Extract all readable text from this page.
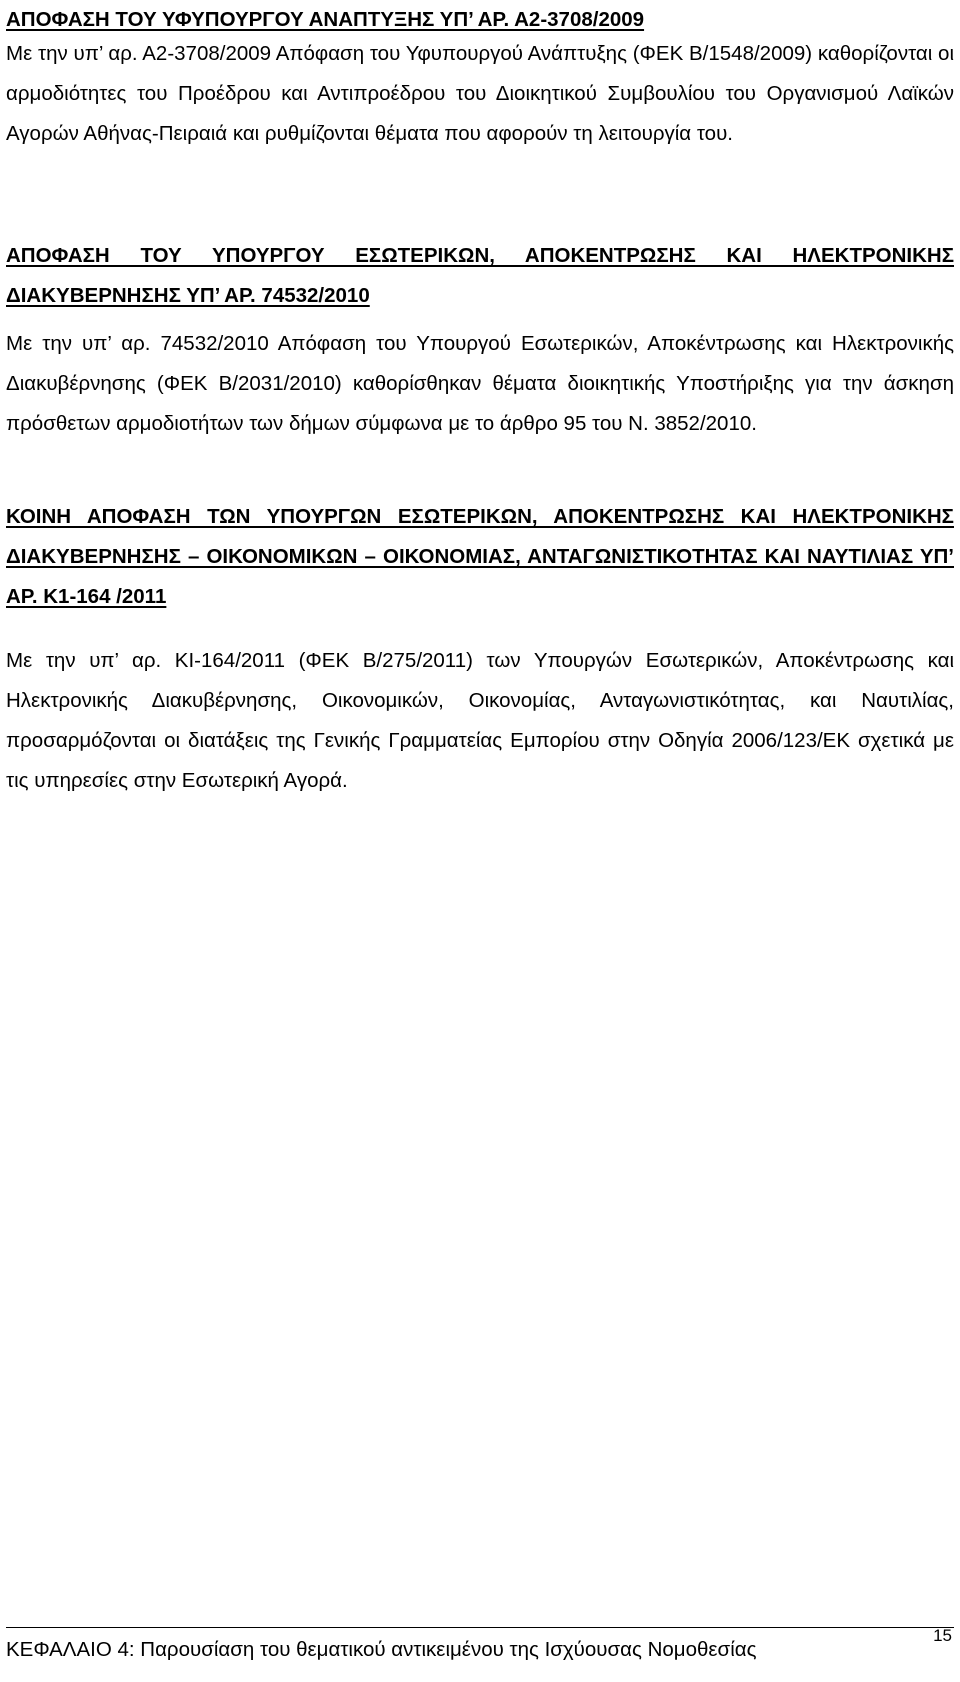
ΑΠΟΦΑΣΗ ΤΟΥ ΥΦΥΠΟΥΡΓΟΥ ΑΝΑΠΤΥΞΗΣ ΥΠ’ ΑΡ. Α2-3708/2009

Με την υπ’ αρ. Α2-3708/2009 Απόφαση του Υφυπουργού Ανάπτυξης (ΦΕΚ Β/1548/2009) καθορίζονται οι αρμοδιότητες του Προέδρου και Αντιπροέδρου του Διοικητικού Συμβουλίου του Οργανισμού Λαϊκών Αγορών Αθήνας-Πειραιά και ρυθμίζονται θέματα που αφορούν τη λειτουργία του.

ΑΠΟΦΑΣΗ ΤΟΥ ΥΠΟΥΡΓΟΥ ΕΣΩΤΕΡΙΚΩΝ, ΑΠΟΚΕΝΤΡΩΣΗΣ ΚΑΙ ΗΛΕΚΤΡΟΝΙΚΗΣ ΔΙΑΚΥΒΕΡΝΗΣΗΣ ΥΠ’ ΑΡ. 74532/2010

Με την υπ’ αρ. 74532/2010 Απόφαση του Υπουργού Εσωτερικών, Αποκέντρωσης και Ηλεκτρονικής Διακυβέρνησης (ΦΕΚ Β/2031/2010) καθορίσθηκαν θέματα διοικητικής Υποστήριξης για την άσκηση πρόσθετων αρμοδιοτήτων των δήμων σύμφωνα με το άρθρο 95 του Ν. 3852/2010.

ΚΟΙΝΗ ΑΠΟΦΑΣΗ ΤΩΝ ΥΠΟΥΡΓΩΝ ΕΣΩΤΕΡΙΚΩΝ, ΑΠΟΚΕΝΤΡΩΣΗΣ ΚΑΙ ΗΛΕΚΤΡΟΝΙΚΗΣ ΔΙΑΚΥΒΕΡΝΗΣΗΣ – ΟΙΚΟΝΟΜΙΚΩΝ – ΟΙΚΟΝΟΜΙΑΣ, ΑΝΤΑΓΩΝΙΣΤΙΚΟΤΗΤΑΣ ΚΑΙ ΝΑΥΤΙΛΙΑΣ ΥΠ’ ΑΡ. Κ1-164 /2011

Με την υπ’ αρ. ΚΙ-164/2011 (ΦΕΚ Β/275/2011) των Υπουργών Εσωτερικών, Αποκέντρωσης και Ηλεκτρονικής Διακυβέρνησης, Οικονομικών, Οικονομίας, Ανταγωνιστικότητας, και Ναυτιλίας, προσαρμόζονται οι διατάξεις της Γενικής Γραμματείας Εμπορίου στην Οδηγία 2006/123/ΕΚ σχετικά με τις υπηρεσίες στην Εσωτερική Αγορά.

ΚΕΦΑΛΑΙΟ 4: Παρουσίαση του θεματικού αντικειμένου της Ισχύουσας Νομοθεσίας
15
